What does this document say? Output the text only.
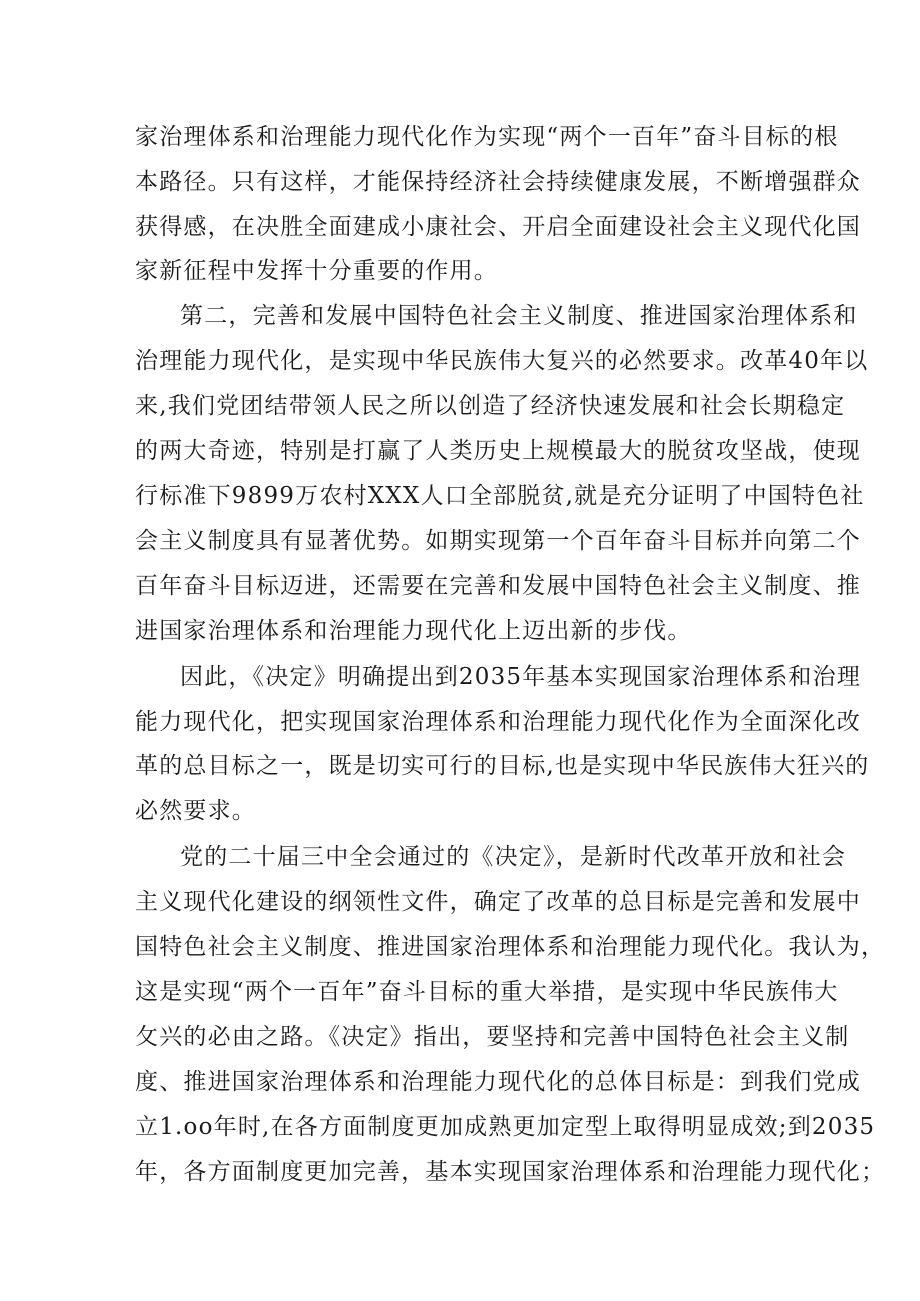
家治理体系和治理能力现代化作为实现“两个一百年”奋斗目标的根
本路径。只有这样，才能保持经济社会持续健康发展，不断增强群众
获得感，在决胜全面建成小康社会、开启全面建设社会主义现代化国
家新征程中发挥十分重要的作用。
第二，完善和发展中国特色社会主义制度、推进国家治理体系和
治理能力现代化，是实现中华民族伟大复兴的必然要求。改革40年以
来,我们党团结带领人民之所以创造了经济快速发展和社会长期稳定
的两大奇迹，特别是打赢了人类历史上规模最大的脱贫攻坚战，使现
行标准下9899万农村XXX人口全部脱贫,就是充分证明了中国特色社
会主义制度具有显著优势。如期实现第一个百年奋斗目标并向第二个
百年奋斗目标迈进，还需要在完善和发展中国特色社会主义制度、推
进国家治理体系和治理能力现代化上迈出新的步伐。
因此，《决定》明确提出到2035年基本实现国家治理体系和治理
能力现代化，把实现国家治理体系和治理能力现代化作为全面深化改
革的总目标之一，既是切实可行的目标,也是实现中华民族伟大狂兴的
必然要求。
党的二十届三中全会通过的《决定》，是新时代改革开放和社会
主义现代化建设的纲领性文件，确定了改革的总目标是完善和发展中
国特色社会主义制度、推进国家治理体系和治理能力现代化。我认为，
这是实现“两个一百年”奋斗目标的重大举措，是实现中华民族伟大
攵兴的必由之路。《决定》指出，要坚持和完善中国特色社会主义制
度、推进国家治理体系和治理能力现代化的总体目标是：到我们党成
立1.oo年时,在各方面制度更加成熟更加定型上取得明显成效;到2035
年，各方面制度更加完善，基本实现国家治理体系和治理能力现代化；
